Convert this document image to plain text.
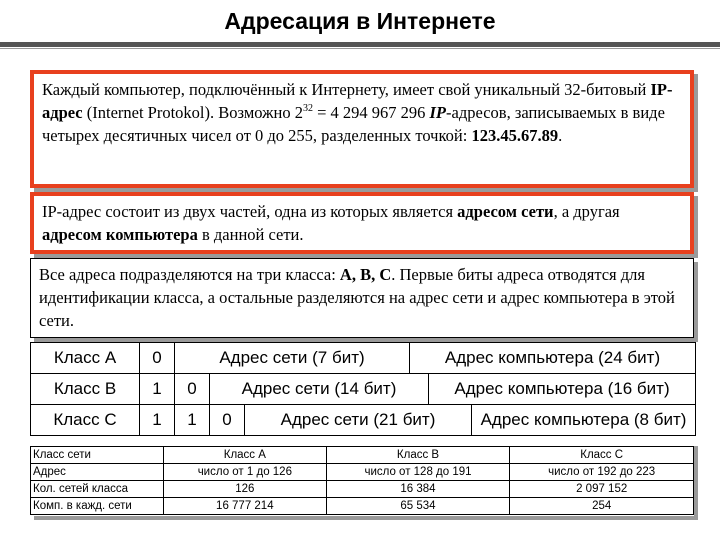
Адресация в Интернете
Каждый компьютер, подключённый к Интернету, имеет свой уникальный 32-битовый IP-адрес (Internet Protokol). Возможно $2^{32} = 4$ 294 967 296 IP-адресов, записываемых в виде четырех десятичных чисел от 0 до 255, разделенных точкой: 123.45.67.89.
IP-адрес состоит из двух частей, одна из которых является адресом сети, а другая адресом компьютера в данной сети.
Все адреса подразделяются на три класса: A, B, C. Первые биты адреса отводятся для идентификации класса, а остальные разделяются на адрес сети и адрес компьютера в этой сети.
Класс А	0	Адрес сети (7 бит)	Адрес компьютера (24 бит)
Класс В	1	0	Адрес сети (14 бит)	Адрес компьютера (16 бит)
Класс С	1	1	0	Адрес сети (21 бит)	Адрес компьютера (8 бит)
Класс сети	Класс А	Класс В	Класс С
Адрес	число от 1 до 126	число от 128 до 191	число от 192 до 223
Кол. сетей класса	126	16 384	2 097 152
Комп. в кажд. сети	16 777 214	65 534	254
